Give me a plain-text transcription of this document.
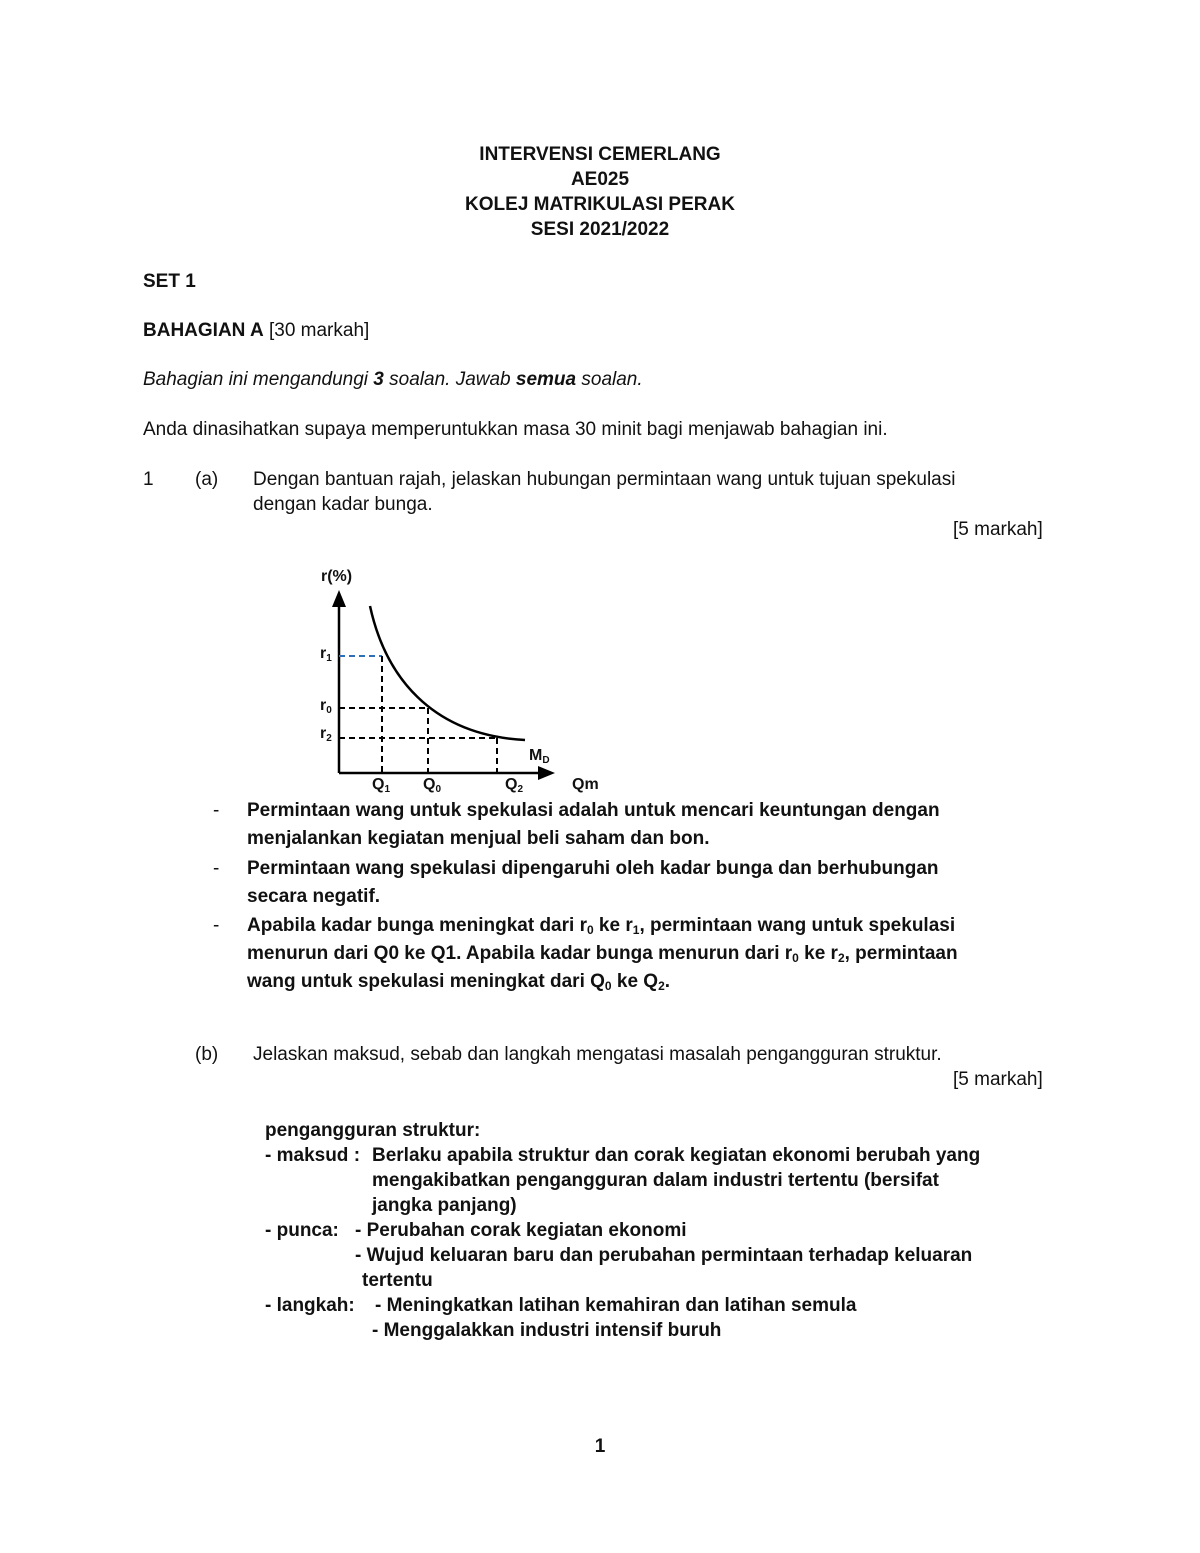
INTERVENSI CEMERLANG
AE025
KOLEJ MATRIKULASI PERAK
SESI 2021/2022
SET 1
BAHAGIAN A [30 markah]
Bahagian ini mengandungi 3 soalan. Jawab semua soalan.
Anda dinasihatkan supaya memperuntukkan masa 30 minit bagi menjawab bahagian ini.
1 (a) Dengan bantuan rajah, jelaskan hubungan permintaan wang untuk tujuan spekulasi
dengan kadar bunga.
[5 markah]
r(%)
$r_1$
$r_0$
$r_2$
$M_D$
$Q_1$ $Q_0$	$Q_2$	Qm
- Permintaan wang untuk spekulasi adalah untuk mencari keuntungan dengan
menjalankan kegiatan menjual beli saham dan bon.
- Permintaan wang spekulasi dipengaruhi oleh kadar bunga dan berhubungan
secara negatif.
- Apabila kadar bunga meningkat dari $r_0$ ke $r_1$, permintaan wang untuk spekulasi
menurun dari Q0 ke Q1. Apabila kadar bunga menurun dari $r_0$ ke $r_2$, permintaan
wang untuk spekulasi meningkat dari $Q_0$ ke $Q_2$.
(b) Jelaskan maksud, sebab dan langkah mengatasi masalah pengangguran struktur.
[5 markah]
pengangguran struktur:
- maksud : Berlaku apabila struktur dan corak kegiatan ekonomi berubah yang
mengakibatkan pengangguran dalam industri tertentu (bersifat
jangka panjang)
- punca: - Perubahan corak kegiatan ekonomi
- Wujud keluaran baru dan perubahan permintaan terhadap keluaran
tertentu
- langkah: - Meningkatkan latihan kemahiran dan latihan semula
- Menggalakkan industri intensif buruh
1
